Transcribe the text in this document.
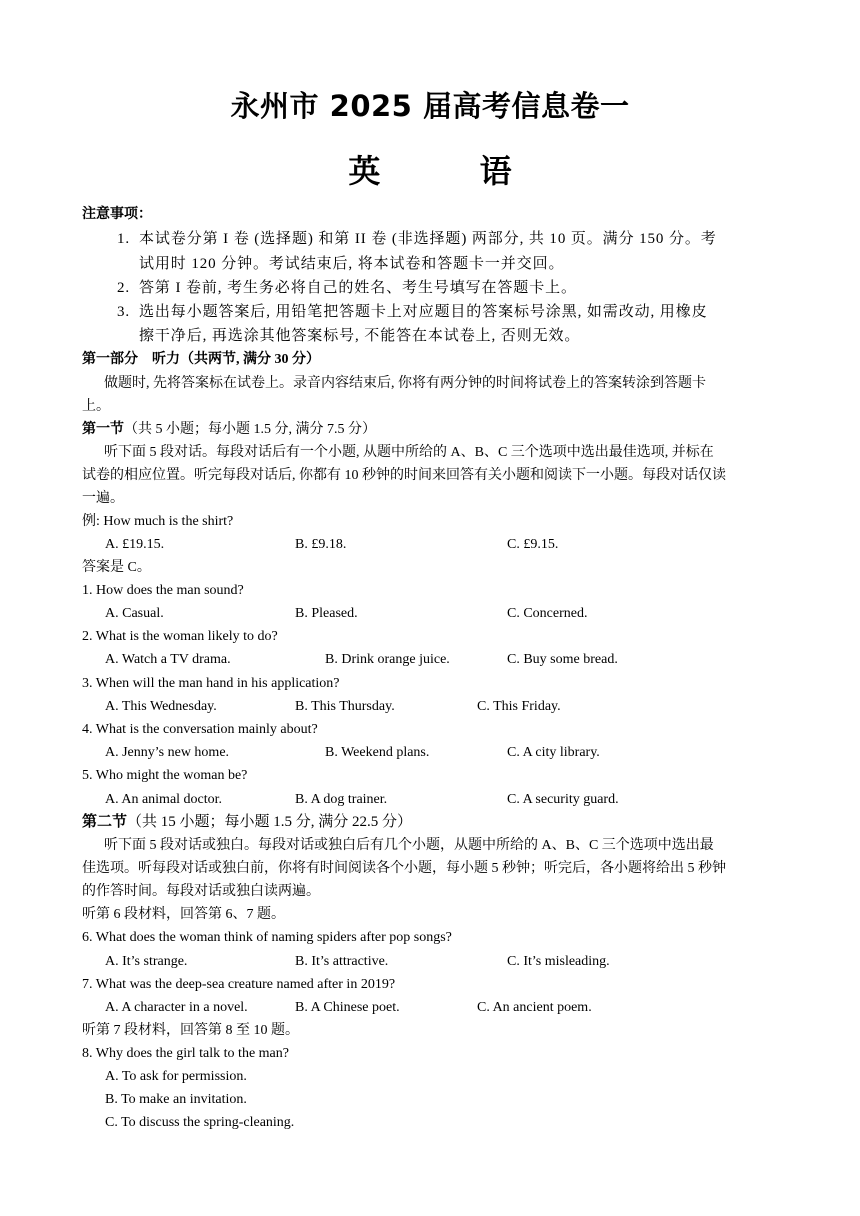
永州市 2025 届高考信息卷一
英 语
注意事项：
1. 本试卷分第 I 卷 (选择题) 和第 II 卷 (非选择题) 两部分, 共 10 页。满分 150 分。考
试用时 120 分钟。考试结束后, 将本试卷和答题卡一并交回。
2. 答第 I 卷前, 考生务必将自己的姓名、考生号填写在答题卡上。
3. 选出每小题答案后, 用铅笔把答题卡上对应题目的答案标号涂黑, 如需改动, 用橡皮
擦干净后, 再选涂其他答案标号, 不能答在本试卷上, 否则无效。
第一部分　听力（共两节, 满分 30 分）
做题时, 先将答案标在试卷上。录音内容结束后, 你将有两分钟的时间将试卷上的答案转涂到答题卡
上。
第一节（共 5 小题；每小题 1.5 分, 满分 7.5 分）
听下面 5 段对话。每段对话后有一个小题, 从题中所给的 A、B、C 三个选项中选出最佳选项, 并标在
试卷的相应位置。听完每段对话后, 你都有 10 秒钟的时间来回答有关小题和阅读下一小题。每段对话仅读
一遍。
例: How much is the shirt?
A. £19.15.	B. £9.18.	C. £9.15.
答案是 C。
1. How does the man sound?
A. Casual.	B. Pleased.	C. Concerned.
2. What is the woman likely to do?
A. Watch a TV drama.	B. Drink orange juice.	C. Buy some bread.
3. When will the man hand in his application?
A. This Wednesday.	B. This Thursday.	C. This Friday.
4. What is the conversation mainly about?
A. Jenny’s new home.	B. Weekend plans.	C. A city library.
5. Who might the woman be?
A. An animal doctor.	B. A dog trainer.	C. A security guard.
第二节（共 15 小题；每小题 1.5 分, 满分 22.5 分）
听下面 5 段对话或独白。每段对话或独白后有几个小题，从题中所给的 A、B、C 三个选项中选出最
佳选项。听每段对话或独白前，你将有时间阅读各个小题，每小题 5 秒钟；听完后，各小题将给出 5 秒钟
的作答时间。每段对话或独白读两遍。
听第 6 段材料，回答第 6、7 题。
6. What does the woman think of naming spiders after pop songs?
A. It’s strange.	B. It’s attractive.	C. It’s misleading.
7. What was the deep-sea creature named after in 2019?
A. A character in a novel.	B. A Chinese poet.	C. An ancient poem.
听第 7 段材料，回答第 8 至 10 题。
8. Why does the girl talk to the man?
A. To ask for permission.
B. To make an invitation.
C. To discuss the spring-cleaning.
